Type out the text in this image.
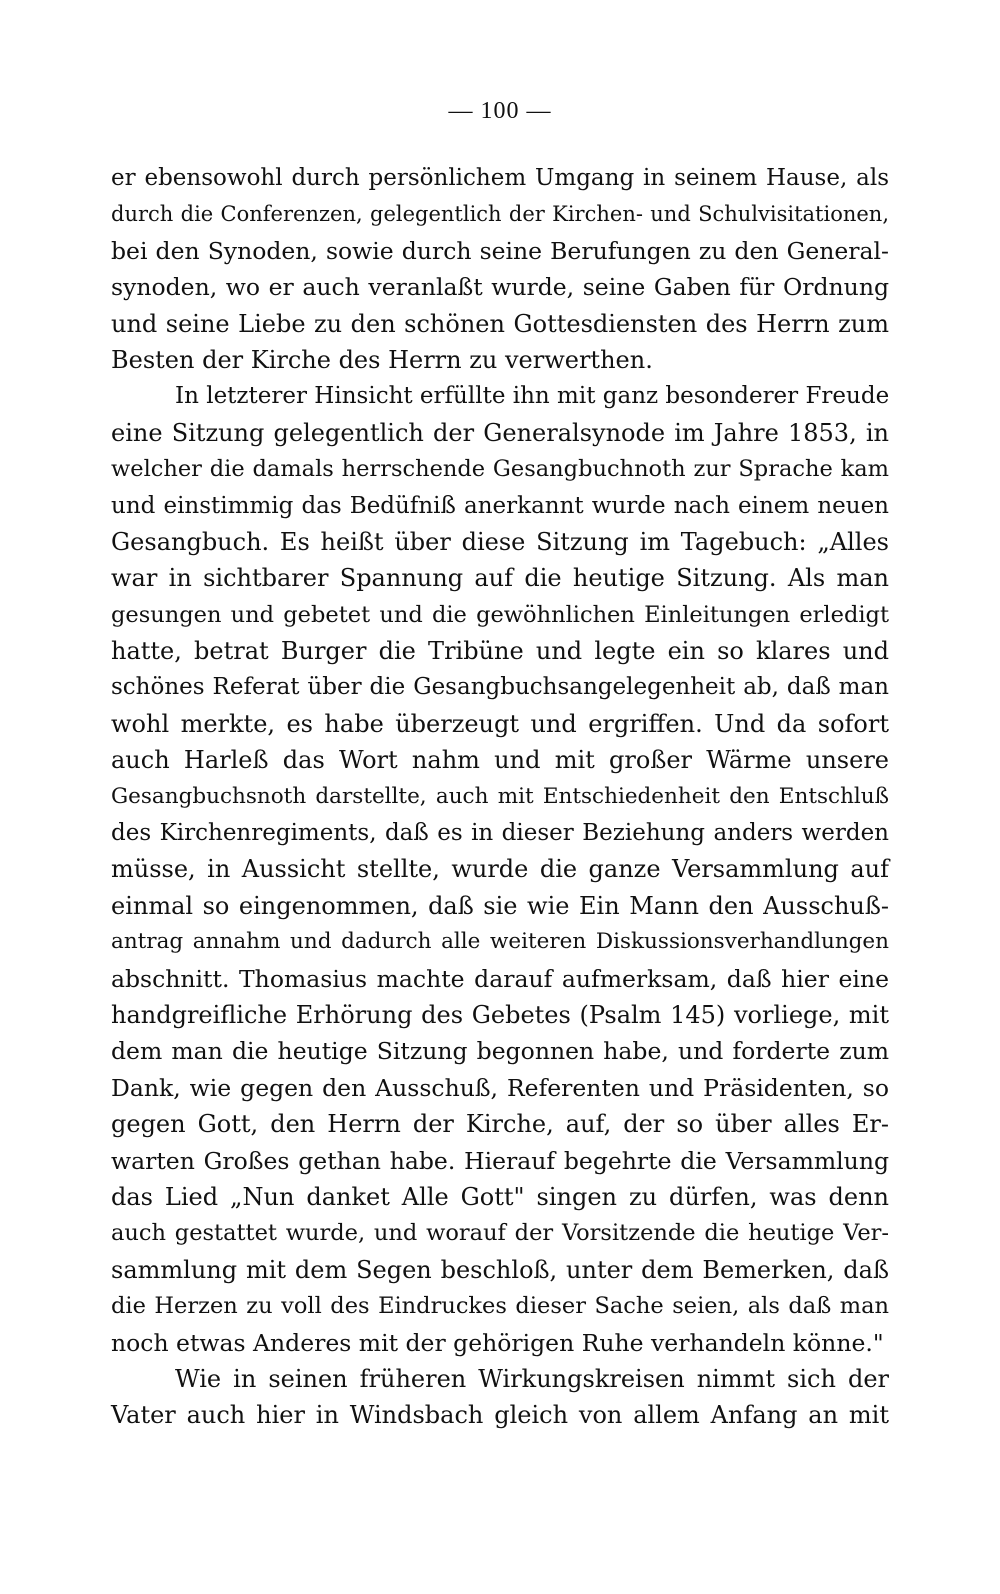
— 100 —
er ebensowohl durch persönlichem Umgang in seinem Hause, als
durch die Conferenzen, gelegentlich der Kirchen- und Schulvisitationen,
bei den Synoden, sowie durch seine Berufungen zu den General-
synoden, wo er auch veranlaßt wurde, seine Gaben für Ordnung
und seine Liebe zu den schönen Gottesdiensten des Herrn zum
Besten der Kirche des Herrn zu verwerthen.
In letzterer Hinsicht erfüllte ihn mit ganz besonderer Freude
eine Sitzung gelegentlich der Generalsynode im Jahre 1853, in
welcher die damals herrschende Gesangbuchnoth zur Sprache kam
und einstimmig das Bedüfniß anerkannt wurde nach einem neuen
Gesangbuch. Es heißt über diese Sitzung im Tagebuch: „Alles
war in sichtbarer Spannung auf die heutige Sitzung. Als man
gesungen und gebetet und die gewöhnlichen Einleitungen erledigt
hatte, betrat Burger die Tribüne und legte ein so klares und
schönes Referat über die Gesangbuchsangelegenheit ab, daß man
wohl merkte, es habe überzeugt und ergriffen. Und da sofort
auch Harleß das Wort nahm und mit großer Wärme unsere
Gesangbuchsnoth darstellte, auch mit Entschiedenheit den Entschluß
des Kirchenregiments, daß es in dieser Beziehung anders werden
müsse, in Aussicht stellte, wurde die ganze Versammlung auf
einmal so eingenommen, daß sie wie Ein Mann den Ausschuß-
antrag annahm und dadurch alle weiteren Diskussionsverhandlungen
abschnitt. Thomasius machte darauf aufmerksam, daß hier eine
handgreifliche Erhörung des Gebetes (Psalm 145) vorliege, mit
dem man die heutige Sitzung begonnen habe, und forderte zum
Dank, wie gegen den Ausschuß, Referenten und Präsidenten, so
gegen Gott, den Herrn der Kirche, auf, der so über alles Er-
warten Großes gethan habe. Hierauf begehrte die Versammlung
das Lied „Nun danket Alle Gott" singen zu dürfen, was denn
auch gestattet wurde, und worauf der Vorsitzende die heutige Ver-
sammlung mit dem Segen beschloß, unter dem Bemerken, daß
die Herzen zu voll des Eindruckes dieser Sache seien, als daß man
noch etwas Anderes mit der gehörigen Ruhe verhandeln könne."
Wie in seinen früheren Wirkungskreisen nimmt sich der
Vater auch hier in Windsbach gleich von allem Anfang an mit
